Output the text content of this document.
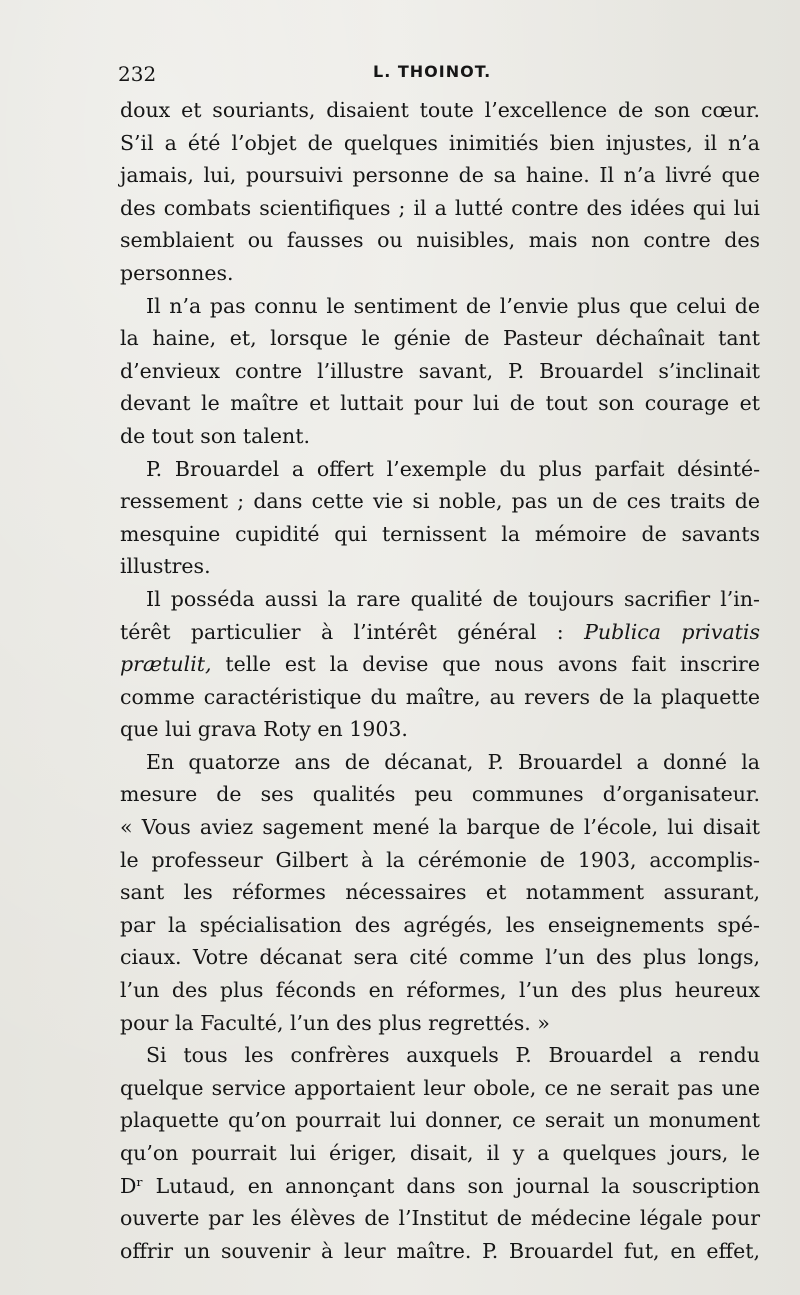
232	L. THOINOT.
doux et souriants, disaient toute l’excellence de son cœur.
S’il a été l’objet de quelques inimitiés bien injustes, il n’a
jamais, lui, poursuivi personne de sa haine. Il n’a livré que
des combats scientifiques ; il a lutté contre des idées qui lui
semblaient ou fausses ou nuisibles, mais non contre des
personnes.
Il n’a pas connu le sentiment de l’envie plus que celui de
la haine, et, lorsque le génie de Pasteur déchaînait tant
d’envieux contre l’illustre savant, P. Brouardel s’inclinait
devant le maître et luttait pour lui de tout son courage et
de tout son talent.
P. Brouardel a offert l’exemple du plus parfait désinté-
ressement ; dans cette vie si noble, pas un de ces traits de
mesquine cupidité qui ternissent la mémoire de savants
illustres.
Il posséda aussi la rare qualité de toujours sacrifier l’in-
térêt particulier à l’intérêt général : Publica privatis
prætulit, telle est la devise que nous avons fait inscrire
comme caractéristique du maître, au revers de la plaquette
que lui grava Roty en 1903.
En quatorze ans de décanat, P. Brouardel a donné la
mesure de ses qualités peu communes d’organisateur.
« Vous aviez sagement mené la barque de l’école, lui disait
le professeur Gilbert à la cérémonie de 1903, accomplis-
sant les réformes nécessaires et notamment assurant,
par la spécialisation des agrégés, les enseignements spé-
ciaux. Votre décanat sera cité comme l’un des plus longs,
l’un des plus féconds en réformes, l’un des plus heureux
pour la Faculté, l’un des plus regrettés. »
Si tous les confrères auxquels P. Brouardel a rendu
quelque service apportaient leur obole, ce ne serait pas une
plaquette qu’on pourrait lui donner, ce serait un monument
qu’on pourrait lui ériger, disait, il y a quelques jours, le
Dʳ Lutaud, en annonçant dans son journal la souscription
ouverte par les élèves de l’Institut de médecine légale pour
offrir un souvenir à leur maître. P. Brouardel fut, en effet,
